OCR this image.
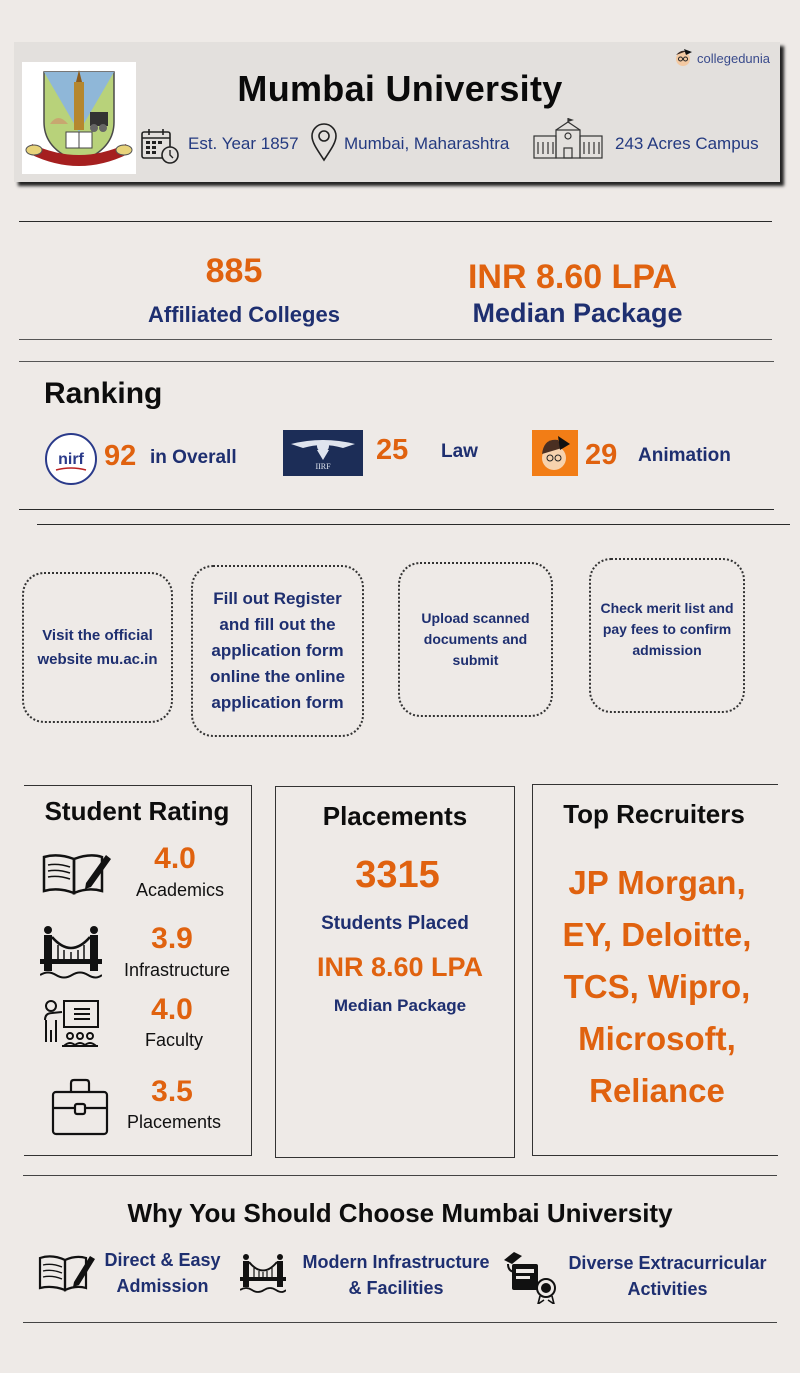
Mumbai University
collegedunia
Est. Year 1857	Mumbai, Maharashtra	243 Acres Campus
885
Affiliated Colleges
INR 8.60 LPA
Median Package
Ranking
nirf 92 in Overall	IIRF
25 Law	29 Animation
Visit the official website mu.ac.in
Fill out Register and fill out the application form online the online application form
Upload scanned documents and submit
Check merit list and pay fees to confirm admission
Student Rating
4.0
Academics
3.9
Infrastructure
4.0
Faculty
3.5
Placements
Placements
3315
Students Placed
INR 8.60 LPA
Median Package
Top Recruiters
JP Morgan,
EY, Deloitte,
TCS, Wipro,
Microsoft,
Reliance
Why You Should Choose Mumbai University
Direct & Easy
Admission
Modern Infrastructure
& Facilities
Diverse Extracurricular
Activities
